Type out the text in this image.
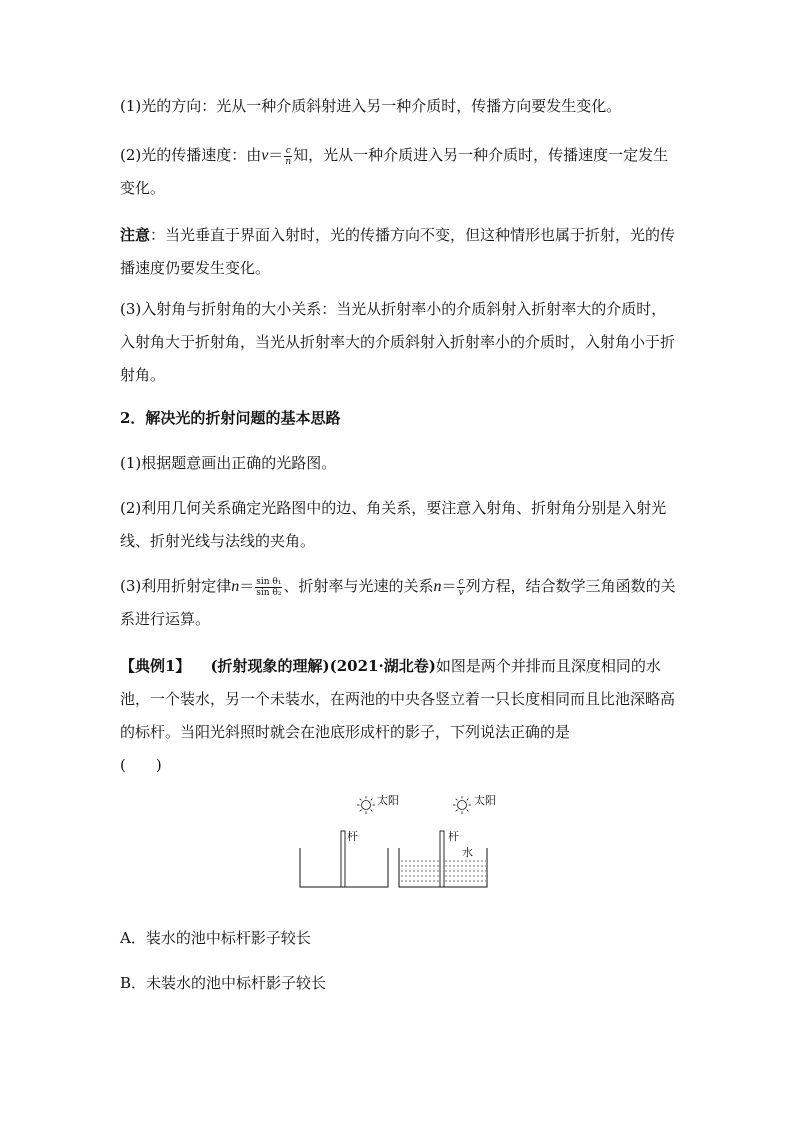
(1)光的方向：光从一种介质斜射进入另一种介质时，传播方向要发生变化。

(2)光的传播速度：由$v= \frac{c}{n}$ 知，光从一种介质进入另一种介质时，传播速度一定发生变化。

注意：当光垂直于界面入射时，光的传播方向不变，但这种情形也属于折射，光的传播速度仍要发生变化。

(3)入射角与折射角的大小关系：当光从折射率小的介质斜射入折射率大的介质时，入射角大于折射角，当光从折射率大的介质斜射入折射率小的介质时，入射角小于折射角。

2．解决光的折射问题的基本思路

(1)根据题意画出正确的光路图。

(2)利用几何关系确定光路图中的边、角关系，要注意入射角、折射角分别是入射光线、折射光线与法线的夹角。

(3)利用折射定律$n= \frac{\text{sin θ₁}}{\text{sin θ₂}}$ 、折射率与光速的关系$n= \frac{c}{v}$ 列方程，结合数学三角函数的关系进行运算。

【典例1】 (折射现象的理解)(2021·湖北卷)如图是两个并排而且深度相同的水池，一个装水，另一个未装水，在两池的中央各竖立着一只长度相同而且比池深略高的标杆。当阳光斜照时就会在池底形成杆的影子，下列说法正确的是
(　　)

太阳	太阳
杆	杆
水

A．装水的池中标杆影子较长

B．未装水的池中标杆影子较长
